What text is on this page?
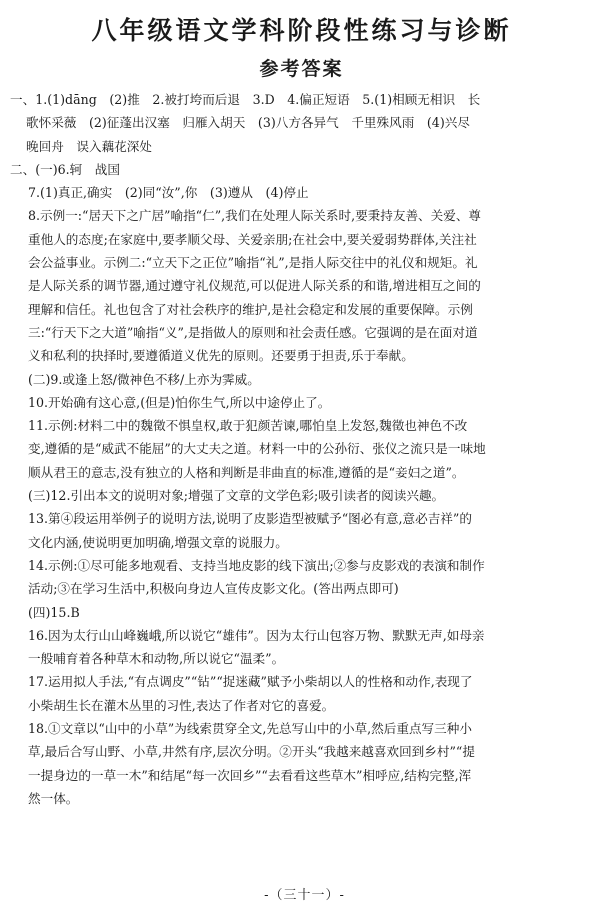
八年级语文学科阶段性练习与诊断
参考答案
一、1.(1)dāng　(2)推　2.被打垮而后退　3.D　4.偏正短语　5.(1)相顾无相识　长
歌怀采薇　(2)征蓬出汉塞　归雁入胡天　(3)八方各异气　千里殊风雨　(4)兴尽
晚回舟　误入藕花深处
二、(一)6.轲　战国
7.(1)真正,确实　(2)同“汝”,你　(3)遵从　(4)停止
8.示例一:“居天下之广居”喻指“仁”,我们在处理人际关系时,要秉持友善、关爱、尊
重他人的态度;在家庭中,要孝顺父母、关爱亲朋;在社会中,要关爱弱势群体,关注社
会公益事业。示例二:“立天下之正位”喻指“礼”,是指人际交往中的礼仪和规矩。礼
是人际关系的调节器,通过遵守礼仪规范,可以促进人际关系的和谐,增进相互之间的
理解和信任。礼也包含了对社会秩序的维护,是社会稳定和发展的重要保障。示例
三:“行天下之大道”喻指“义”,是指做人的原则和社会责任感。它强调的是在面对道
义和私利的抉择时,要遵循道义优先的原则。还要勇于担责,乐于奉献。
(二)9.或逢上怒/微神色不移/上亦为霁威。
10.开始确有这心意,(但是)怕你生气,所以中途停止了。
11.示例:材料二中的魏徵不惧皇权,敢于犯颜苦谏,哪怕皇上发怒,魏徵也神色不改
变,遵循的是“威武不能屈”的大丈夫之道。材料一中的公孙衍、张仪之流只是一味地
顺从君王的意志,没有独立的人格和判断是非曲直的标准,遵循的是“妾妇之道”。
(三)12.引出本文的说明对象;增强了文章的文学色彩;吸引读者的阅读兴趣。
13.第④段运用举例子的说明方法,说明了皮影造型被赋予“图必有意,意必吉祥”的
文化内涵,使说明更加明确,增强文章的说服力。
14.示例:①尽可能多地观看、支持当地皮影的线下演出;②参与皮影戏的表演和制作
活动;③在学习生活中,积极向身边人宣传皮影文化。(答出两点即可)
(四)15.B
16.因为太行山山峰巍峨,所以说它“雄伟”。因为太行山包容万物、默默无声,如母亲
一般哺育着各种草木和动物,所以说它“温柔”。
17.运用拟人手法,“有点调皮”“钻”“捉迷藏”赋予小柴胡以人的性格和动作,表现了
小柴胡生长在灌木丛里的习性,表达了作者对它的喜爱。
18.①文章以“山中的小草”为线索贯穿全文,先总写山中的小草,然后重点写三种小
草,最后合写山野、小草,井然有序,层次分明。②开头“我越来越喜欢回到乡村”“提
一提身边的一草一木”和结尾“每一次回乡”“去看看这些草木”相呼应,结构完整,浑
然一体。
-（三十一）-
